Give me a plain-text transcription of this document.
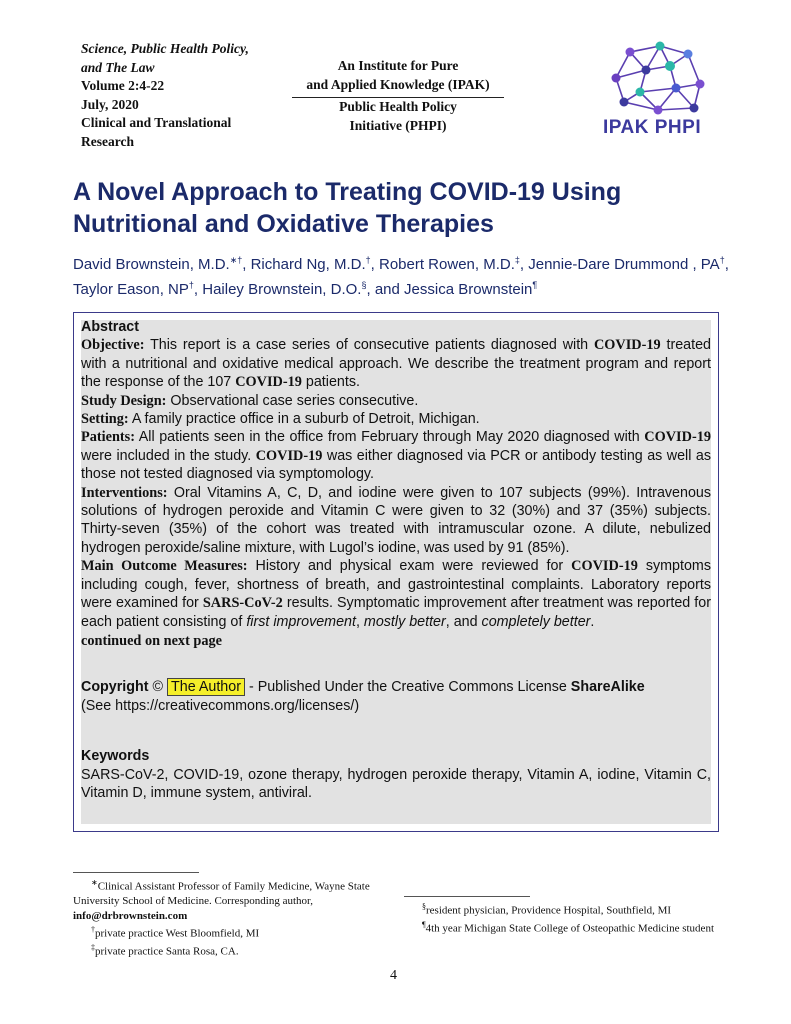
Science, Public Health Policy,
and The Law
Volume 2:4-22
July, 2020
Clinical and Translational
Research
An Institute for Pure
and Applied Knowledge (IPAK)
Public Health Policy
Initiative (PHPI)	IPAK PHPI
A Novel Approach to Treating COVID-19 Using Nutritional and Oxidative Therapies
David Brownstein, M.D.∗†, Richard Ng, M.D.†, Robert Rowen, M.D.‡, Jennie-Dare Drummond , PA†, Taylor Eason, NP†, Hailey Brownstein, D.O.§, and Jessica Brownstein¶

Abstract

Objective: This report is a case series of consecutive patients diagnosed with COVID-19 treated with a nutritional and oxidative medical approach. We describe the treatment program and report the response of the 107 COVID-19 patients.

Study Design: Observational case series consecutive.

Setting: A family practice office in a suburb of Detroit, Michigan.

Patients: All patients seen in the office from February through May 2020 diagnosed with COVID-19 were included in the study. COVID-19 was either diagnosed via PCR or antibody testing as well as those not tested diagnosed via symptomology.

Interventions: Oral Vitamins A, C, D, and iodine were given to 107 subjects (99%). Intravenous solutions of hydrogen peroxide and Vitamin C were given to 32 (30%) and 37 (35%) subjects. Thirty-seven (35%) of the cohort was treated with intramuscular ozone. A dilute, nebulized hydrogen peroxide/saline mixture, with Lugol’s iodine, was used by 91 (85%).

Main Outcome Measures: History and physical exam were reviewed for COVID-19 symptoms including cough, fever, shortness of breath, and gastrointestinal complaints. Laboratory reports were examined for SARS-CoV-2 results. Symptomatic improvement after treatment was reported for each patient consisting of first improvement, mostly better, and completely better.

continued on next page

Copyright © The Author - Published Under the Creative Commons License ShareAlike

(See https://creativecommons.org/licenses/)

Keywords

SARS-CoV-2, COVID-19, ozone therapy, hydrogen peroxide therapy, Vitamin A, iodine, Vitamin C, Vitamin D, immune system, antiviral.

∗Clinical Assistant Professor of Family Medicine, Wayne State University School of Medicine. Corresponding author, info@drbrownstein.com
†private practice West Bloomfield, MI
‡private practice Santa Rosa, CA.
§resident physician, Providence Hospital, Southfield, MI
¶4th year Michigan State College of Osteopathic Medicine student
4
